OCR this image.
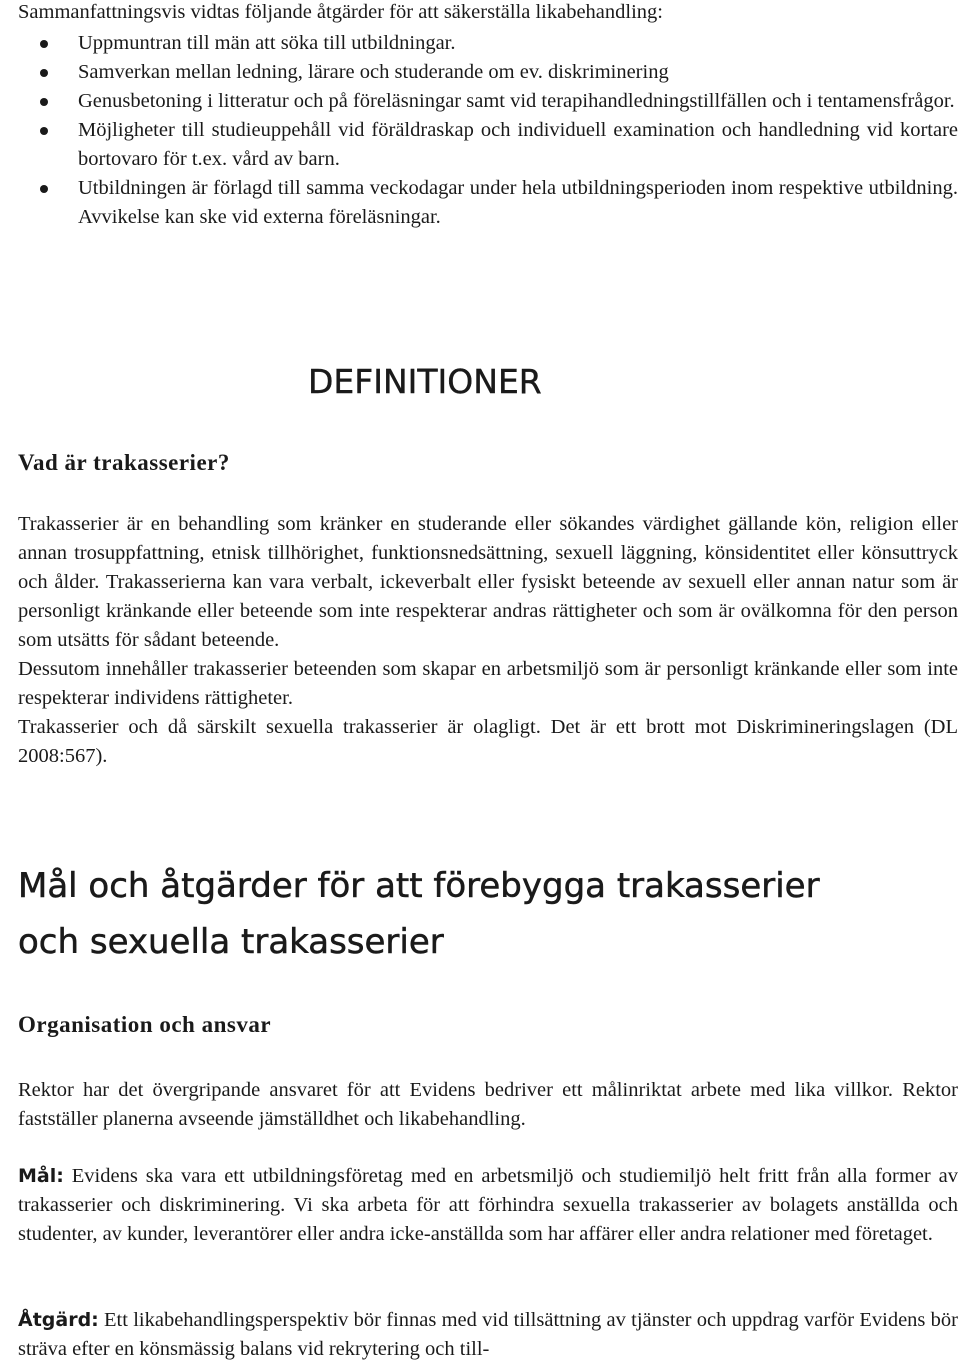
Sammanfattningsvis vidtas följande åtgärder för att säkerställa likabehandling:

Uppmuntran till män att söka till utbildningar.
Samverkan mellan ledning, lärare och studerande om ev. diskriminering
Genusbetoning i litteratur och på föreläsningar samt vid terapihandledningstillfällen och i tentamensfrågor.
Möjligheter till studieuppehåll vid föräldraskap och individuell examination och handledning vid kortare bortovaro för t.ex. vård av barn.
Utbildningen är förlagd till samma veckodagar under hela utbildningsperioden inom respektive utbildning. Avvikelse kan ske vid externa föreläsningar.
DEFINITIONER
Vad är trakasserier?
Trakasserier är en behandling som kränker en studerande eller sökandes värdighet gällande kön, religion eller annan trosuppfattning, etnisk tillhörighet, funktionsnedsättning, sexuell läggning, könsidentitet eller könsuttryck och ålder. Trakasserierna kan vara verbalt, ickeverbalt eller fysiskt beteende av sexuell eller annan natur som är personligt kränkande eller beteende som inte respekterar andras rättigheter och som är ovälkomna för den person som utsätts för sådant beteende.
Dessutom innehåller trakasserier beteenden som skapar en arbetsmiljö som är personligt kränkande eller som inte respekterar individens rättigheter.
Trakasserier och då särskilt sexuella trakasserier är olagligt. Det är ett brott mot Diskrimineringslagen (DL 2008:567).
Mål och åtgärder för att förebygga trakasserier
och sexuella trakasserier
Organisation och ansvar

Rektor har det övergripande ansvaret för att Evidens bedriver ett målinriktat arbete med lika villkor. Rektor fastställer planerna avseende jämställdhet och likabehandling.

Mål: Evidens ska vara ett utbildningsföretag med en arbetsmiljö och studiemiljö helt fritt från alla former av trakasserier och diskriminering. Vi ska arbeta för att förhindra sexuella trakasserier av bolagets anställda och studenter, av kunder, leverantörer eller andra icke-anställda som har affärer eller andra relationer med företaget.

Åtgärd: Ett likabehandlingsperspektiv bör finnas med vid tillsättning av tjänster och uppdrag varför Evidens bör sträva efter en könsmässig balans vid rekrytering och till-
